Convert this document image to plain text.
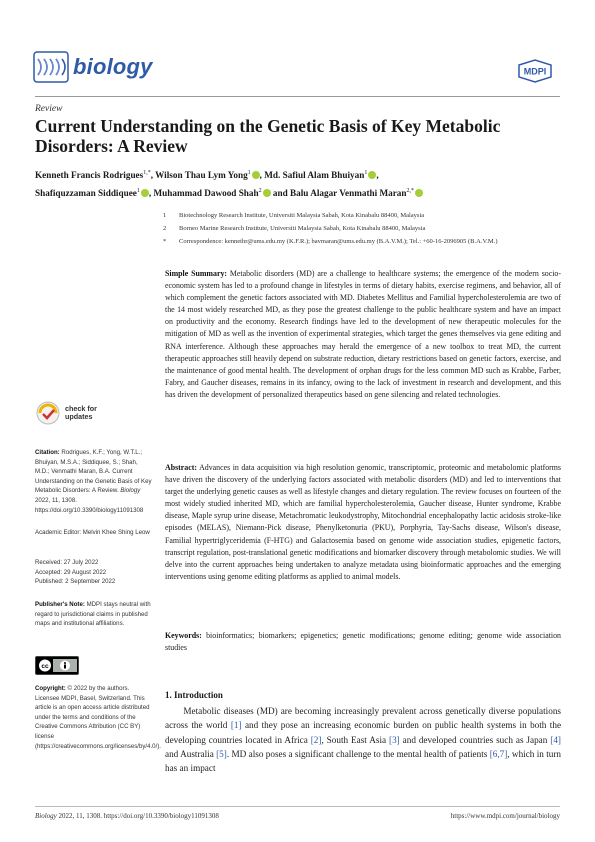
biology	MDPI
Review
Current Understanding on the Genetic Basis of Key Metabolic Disorders: A Review
Kenneth Francis Rodrigues$^{1,*}$, Wilson Thau Lym Yong$^1$ , Md. Safiul Alam Bhuiyan$^1$ ,
Shafiquzzaman Siddiquee$^1$ , Muhammad Dawood Shah$^2$ and Balu Alagar Venmathi Maran$^{2,*}$
1	Biotechnology Research Institute, Universiti Malaysia Sabah, Kota Kinabalu 88400, Malaysia
2	Borneo Marine Research Institute, Universiti Malaysia Sabah, Kota Kinabalu 88400, Malaysia
*	Correspondence: kennethr@ums.edu.my (K.F.R.); bavmaran@ums.edu.my (B.A.V.M.); Tel.: +60-16-2096905 (B.A.V.M.)
Simple Summary: Metabolic disorders (MD) are a challenge to healthcare systems; the emergence of the modern socio-economic system has led to a profound change in lifestyles in terms of dietary habits, exercise regimens, and behavior, all of which complement the genetic factors associated with MD. Diabetes Mellitus and Familial hypercholesterolemia are two of the 14 most widely researched MD, as they pose the greatest challenge to the public healthcare system and have an impact on productivity and the economy. Research findings have led to the development of new therapeutic molecules for the mitigation of MD as well as the invention of experimental strategies, which target the genes themselves via gene editing and RNA interference. Although these approaches may herald the emergence of a new toolbox to treat MD, the current therapeutic approaches still heavily depend on substrate reduction, dietary restrictions based on genetic factors, exercise, and the maintenance of good mental health. The development of orphan drugs for the less common MD such as Krabbe, Farber, Fabry, and Gaucher diseases, remains in its infancy, owing to the lack of investment in research and development, and this has driven the development of personalized therapeutics based on gene silencing and related technologies.
Abstract: Advances in data acquisition via high resolution genomic, transcriptomic, proteomic and metabolomic platforms have driven the discovery of the underlying factors associated with metabolic disorders (MD) and led to interventions that target the underlying genetic causes as well as lifestyle changes and dietary regulation. The review focuses on fourteen of the most widely studied inherited MD, which are familial hypercholesterolemia, Gaucher disease, Hunter syndrome, Krabbe disease, Maple syrup urine disease, Metachromatic leukodystrophy, Mitochondrial encephalopathy lactic acidosis stroke-like episodes (MELAS), Niemann-Pick disease, Phenylketonuria (PKU), Porphyria, Tay-Sachs disease, Wilson's disease, Familial hypertriglyceridemia (F-HTG) and Galactosemia based on genome wide association studies, epigenetic factors, transcript regulation, post-translational genetic modifications and biomarker discovery through metabolomic studies. We will delve into the current approaches being undertaken to analyze metadata using bioinformatic approaches and the emerging interventions using genome editing platforms as applied to animal models.
Keywords: bioinformatics; biomarkers; epigenetics; genetic modifications; genome editing; genome wide association studies
check for updates
Citation: Rodrigues, K.F.; Yong, W.T.L.; Bhuiyan, M.S.A.; Siddiquee, S.; Shah, M.D.; Venmathi Maran, B.A. Current Understanding on the Genetic Basis of Key Metabolic Disorders: A Review. Biology 2022, 11, 1308. https://doi.org/10.3390/biology11091308
Academic Editor: Melvin Khee Shing Leow
Received: 27 July 2022
Accepted: 29 August 2022
Published: 2 September 2022
Publisher's Note: MDPI stays neutral with regard to jurisdictional claims in published maps and institutional affiliations.
cc
Copyright: © 2022 by the authors. Licensee MDPI, Basel, Switzerland. This article is an open access article distributed under the terms and conditions of the Creative Commons Attribution (CC BY) license (https://creativecommons.org/licenses/by/4.0/).
1. Introduction
  Metabolic diseases (MD) are becoming increasingly prevalent across genetically diverse populations across the world [1] and they pose an increasing economic burden on public health systems in both the developing countries located in Africa [2], South East Asia [3] and developed countries such as Japan [4] and Australia [5]. MD also poses a significant challenge to the mental health of patients [6,7], which in turn has an impact
Biology 2022, 11, 1308. https://doi.org/10.3390/biology11091308	https://www.mdpi.com/journal/biology
